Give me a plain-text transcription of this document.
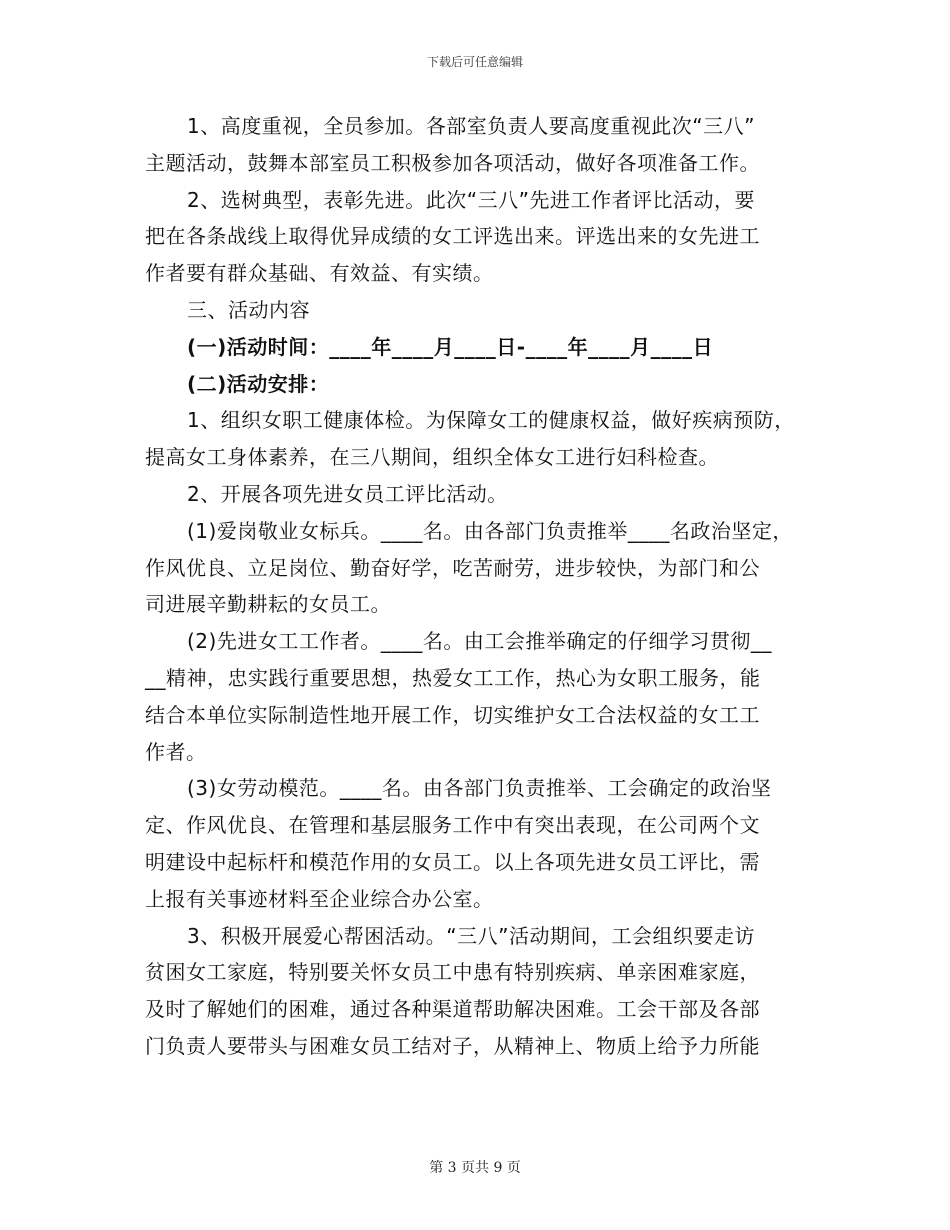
下载后可任意编辑
1、高度重视，全员参加。各部室负责人要高度重视此次“三八”
主题活动，鼓舞本部室员工积极参加各项活动，做好各项准备工作。
2、选树典型，表彰先进。此次“三八”先进工作者评比活动，要
把在各条战线上取得优异成绩的女工评选出来。评选出来的女先进工
作者要有群众基础、有效益、有实绩。
三、活动内容
(一)活动时间：____年____月____日-____年____月____日
(二)活动安排：
1、组织女职工健康体检。为保障女工的健康权益，做好疾病预防，
提高女工身体素养，在三八期间，组织全体女工进行妇科检查。
2、开展各项先进女员工评比活动。
(1)爱岗敬业女标兵。____名。由各部门负责推举____名政治坚定，
作风优良、立足岗位、勤奋好学，吃苦耐劳，进步较快，为部门和公
司进展辛勤耕耘的女员工。
(2)先进女工工作者。____名。由工会推举确定的仔细学习贯彻__
__精神，忠实践行重要思想，热爱女工工作，热心为女职工服务，能
结合本单位实际制造性地开展工作，切实维护女工合法权益的女工工
作者。
(3)女劳动模范。____名。由各部门负责推举、工会确定的政治坚
定、作风优良、在管理和基层服务工作中有突出表现，在公司两个文
明建设中起标杆和模范作用的女员工。以上各项先进女员工评比，需
上报有关事迹材料至企业综合办公室。
3、积极开展爱心帮困活动。“三八”活动期间，工会组织要走访
贫困女工家庭，特别要关怀女员工中患有特别疾病、单亲困难家庭，
及时了解她们的困难，通过各种渠道帮助解决困难。工会干部及各部
门负责人要带头与困难女员工结对子，从精神上、物质上给予力所能
第 3 页共 9 页
